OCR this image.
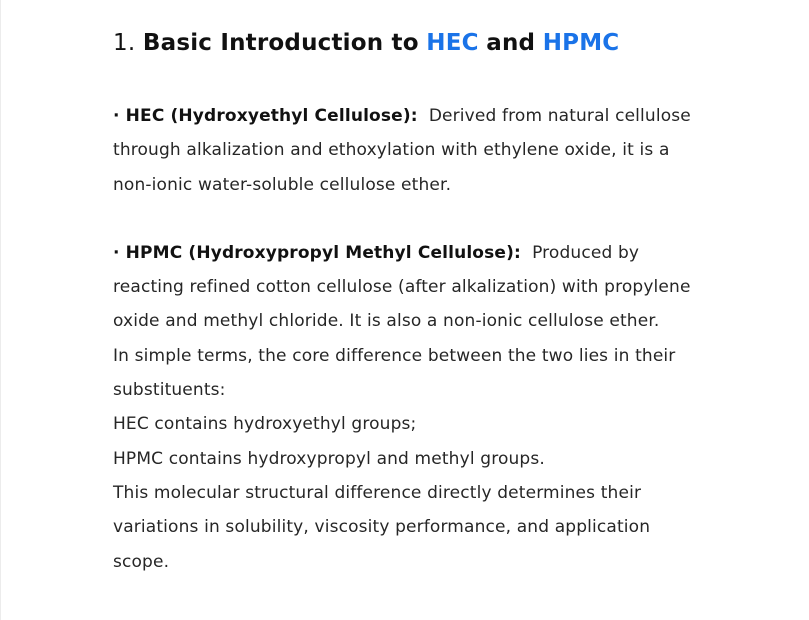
1. Basic Introduction to HEC and HPMC
· HEC (Hydroxyethyl Cellulose): Derived from natural cellulose
through alkalization and ethoxylation with ethylene oxide, it is a
non-ionic water-soluble cellulose ether.
· HPMC (Hydroxypropyl Methyl Cellulose): Produced by
reacting refined cotton cellulose (after alkalization) with propylene
oxide and methyl chloride. It is also a non-ionic cellulose ether.
In simple terms, the core difference between the two lies in their
substituents:
HEC contains hydroxyethyl groups;
HPMC contains hydroxypropyl and methyl groups.
This molecular structural difference directly determines their
variations in solubility, viscosity performance, and application
scope.
